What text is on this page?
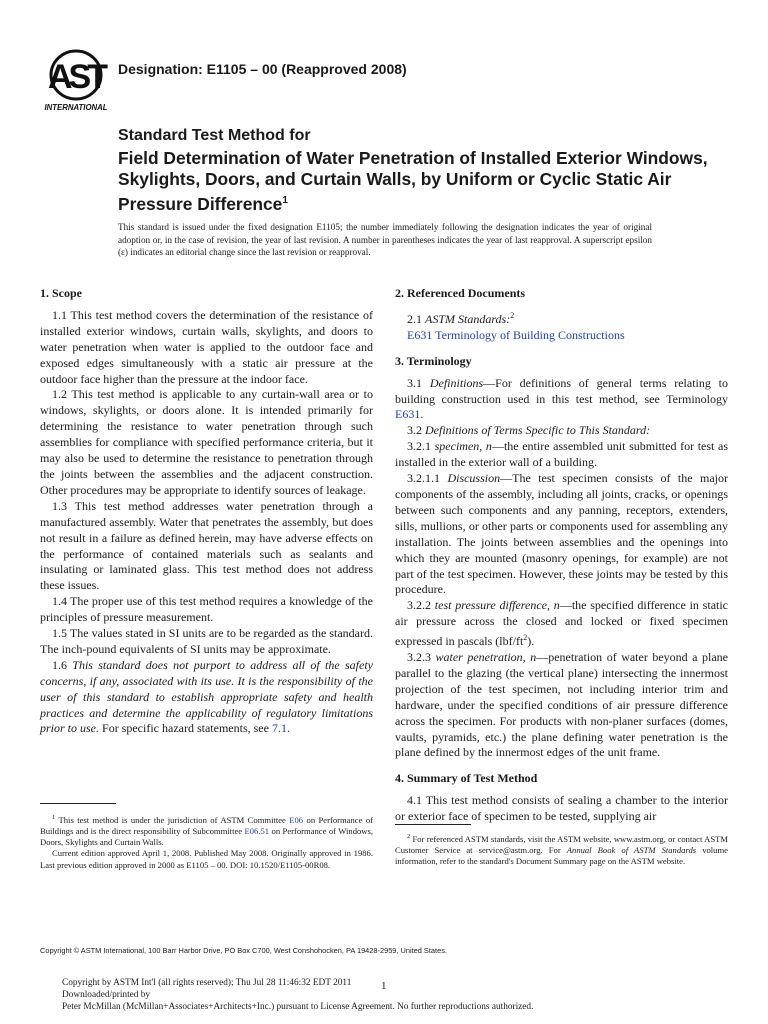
AST
INTERNATIONAL
Designation: E1105 – 00 (Reapproved 2008)
Standard Test Method for
Field Determination of Water Penetration of Installed Exterior Windows, Skylights, Doors, and Curtain Walls, by Uniform or Cyclic Static Air Pressure Difference$^1$
This standard is issued under the fixed designation E1105; the number immediately following the designation indicates the year of original adoption or, in the case of revision, the year of last revision. A number in parentheses indicates the year of last reapproval. A superscript epsilon (ε) indicates an editorial change since the last revision or reapproval.
1. Scope

1.1 This test method covers the determination of the resistance of installed exterior windows, curtain walls, skylights, and doors to water penetration when water is applied to the outdoor face and exposed edges simultaneously with a static air pressure at the outdoor face higher than the pressure at the indoor face.

1.2 This test method is applicable to any curtain-wall area or to windows, skylights, or doors alone. It is intended primarily for determining the resistance to water penetration through such assemblies for compliance with specified performance criteria, but it may also be used to determine the resistance to penetration through the joints between the assemblies and the adjacent construction. Other procedures may be appropriate to identify sources of leakage.

1.3 This test method addresses water penetration through a manufactured assembly. Water that penetrates the assembly, but does not result in a failure as defined herein, may have adverse effects on the performance of contained materials such as sealants and insulating or laminated glass. This test method does not address these issues.

1.4 The proper use of this test method requires a knowledge of the principles of pressure measurement.

1.5 The values stated in SI units are to be regarded as the standard. The inch-pound equivalents of SI units may be approximate.

1.6 This standard does not purport to address all of the safety concerns, if any, associated with its use. It is the responsibility of the user of this standard to establish appropriate safety and health practices and determine the applicability of regulatory limitations prior to use. For specific hazard statements, see 7.1.

2. Referenced Documents

2.1 ASTM Standards:$^2$

E631 Terminology of Building Constructions

3. Terminology

3.1 Definitions—For definitions of general terms relating to building construction used in this test method, see Terminology E631.

3.2 Definitions of Terms Specific to This Standard:

3.2.1 specimen, n—the entire assembled unit submitted for test as installed in the exterior wall of a building.

3.2.1.1 Discussion—The test specimen consists of the major components of the assembly, including all joints, cracks, or openings between such components and any panning, receptors, extenders, sills, mullions, or other parts or components used for assembling any installation. The joints between assemblies and the openings into which they are mounted (masonry openings, for example) are not part of the test specimen. However, these joints may be tested by this procedure.

3.2.2 test pressure difference, n—the specified difference in static air pressure across the closed and locked or fixed specimen expressed in pascals $(lbf/ft^2)$.

3.2.3 water penetration, n—penetration of water beyond a plane parallel to the glazing (the vertical plane) intersecting the innermost projection of the test specimen, not including interior trim and hardware, under the specified conditions of air pressure difference across the specimen. For products with non-planer surfaces (domes, vaults, pyramids, etc.) the plane defining water penetration is the plane defined by the innermost edges of the unit frame.

4. Summary of Test Method

4.1 This test method consists of sealing a chamber to the interior or exterior face of specimen to be tested, supplying air

$^1$ This test method is under the jurisdiction of ASTM Committee E06 on Performance of Buildings and is the direct responsibility of Subcommittee E06.51 on Performance of Windows, Doors, Skylights and Curtain Walls.
Current edition approved April 1, 2008. Published May 2008. Originally approved in 1986. Last previous edition approved in 2000 as E1105 – 00. DOI: 10.1520/E1105-00R08.
$^2$ For referenced ASTM standards, visit the ASTM website, www.astm.org, or contact ASTM Customer Service at service@astm.org. For Annual Book of ASTM Standards volume information, refer to the standard's Document Summary page on the ASTM website.
Copyright © ASTM International, 100 Barr Harbor Drive, PO Box C700, West Conshohocken, PA 19428-2959, United States.
Copyright by ASTM Int'l (all rights reserved); Thu Jul 28 11:46:32 EDT 2011
Downloaded/printed by
Peter McMillan (McMillan+Associates+Architects+Inc.) pursuant to License Agreement. No further reproductions authorized.
1
